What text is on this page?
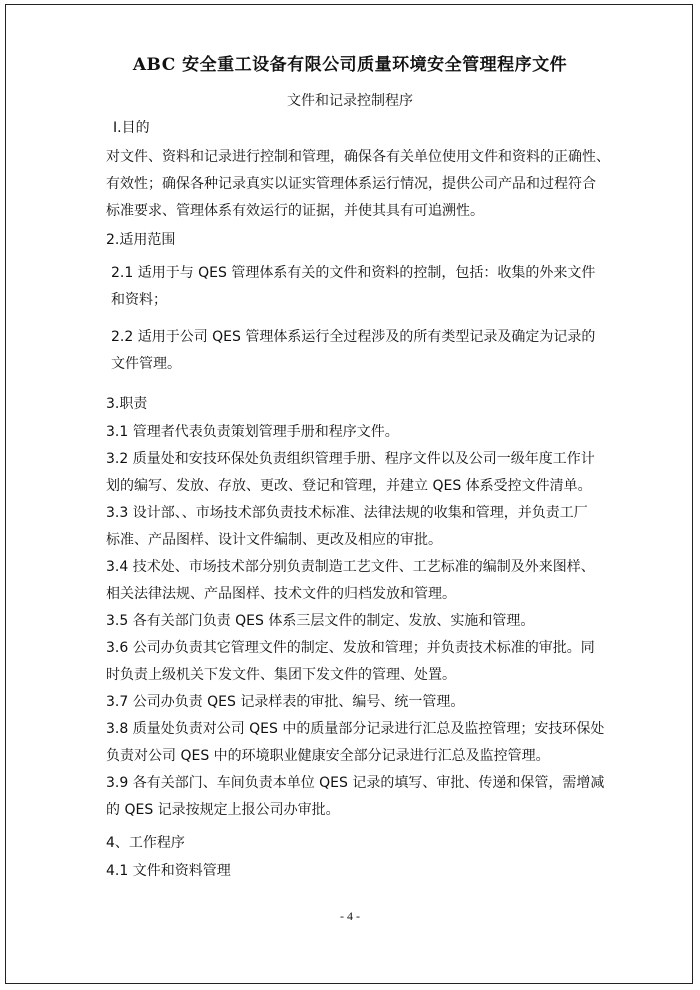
ABC 安全重工设备有限公司质量环境安全管理程序文件
文件和记录控制程序
Ⅰ.目的
对文件、资料和记录进行控制和管理，确保各有关单位使用文件和资料的正确性、
有效性；确保各种记录真实以证实管理体系运行情况，提供公司产品和过程符合
标准要求、管理体系有效运行的证据，并使其具有可追溯性。
2.适用范围
2.1 适用于与 QES 管理体系有关的文件和资料的控制，包括：收集的外来文件
和资料；
2.2 适用于公司 QES 管理体系运行全过程涉及的所有类型记录及确定为记录的
文件管理。
3.职责
3.1 管理者代表负责策划管理手册和程序文件。
3.2 质量处和安技环保处负责组织管理手册、程序文件以及公司一级年度工作计
划的编写、发放、存放、更改、登记和管理，并建立 QES 体系受控文件清单。
3.3 设计部、、市场技术部负责技术标准、法律法规的收集和管理，并负责工厂
标准、产品图样、设计文件编制、更改及相应的审批。
3.4 技术处、市场技术部分别负责制造工艺文件、工艺标准的编制及外来图样、
相关法律法规、产品图样、技术文件的归档发放和管理。
3.5 各有关部门负责 QES 体系三层文件的制定、发放、实施和管理。
3.6 公司办负责其它管理文件的制定、发放和管理；并负责技术标准的审批。同
时负责上级机关下发文件、集团下发文件的管理、处置。
3.7 公司办负责 QES 记录样表的审批、编号、统一管理。
3.8 质量处负责对公司 QES 中的质量部分记录进行汇总及监控管理；安技环保处
负责对公司 QES 中的环境职业健康安全部分记录进行汇总及监控管理。
3.9 各有关部门、车间负责本单位 QES 记录的填写、审批、传递和保管，需增减
的 QES 记录按规定上报公司办审批。
4、工作程序
4.1 文件和资料管理
- 4 -
